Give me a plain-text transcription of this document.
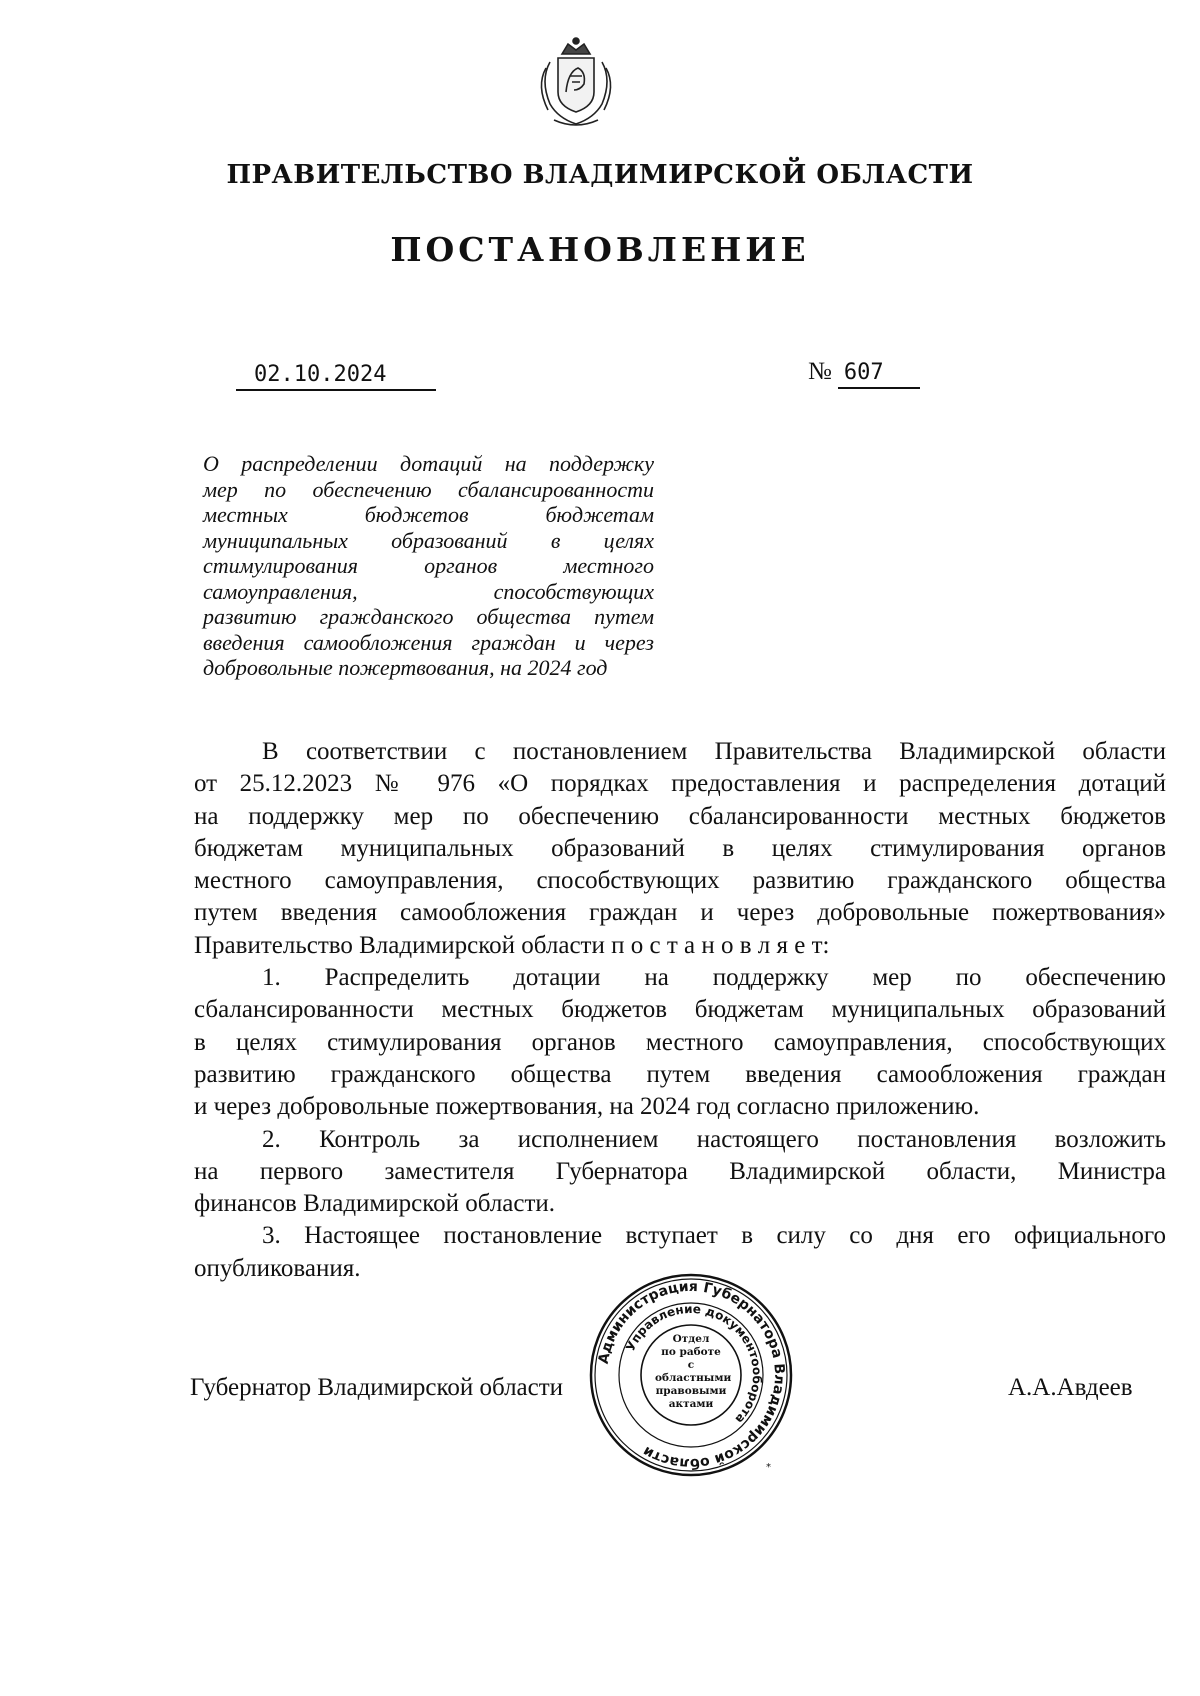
ПРАВИТЕЛЬСТВО ВЛАДИМИРСКОЙ ОБЛАСТИ
ПОСТАНОВЛЕНИЕ
02.10.2024	№ 607
О распределении дотаций на поддержку
мер по обеспечению сбалансированности
местных бюджетов бюджетам
муниципальных образований в целях
стимулирования органов местного
самоуправления, способствующих
развитию гражданского общества путем
введения самообложения граждан и через
добровольные пожертвования, на 2024 год
В соответствии с постановлением Правительства Владимирской области
от 25.12.2023 № 976 «О порядках предоставления и распределения дотаций
на поддержку мер по обеспечению сбалансированности местных бюджетов
бюджетам муниципальных образований в целях стимулирования органов
местного самоуправления, способствующих развитию гражданского общества
путем введения самообложения граждан и через добровольные пожертвования»
Правительство Владимирской области п о с т а н о в л я е т:
1. Распределить дотации на поддержку мер по обеспечению
сбалансированности местных бюджетов бюджетам муниципальных образований
в целях стимулирования органов местного самоуправления, способствующих
развитию гражданского общества путем введения самообложения граждан
и через добровольные пожертвования, на 2024 год согласно приложению.
2. Контроль за исполнением настоящего постановления возложить
на первого заместителя Губернатора Владимирской области, Министра
финансов Владимирской области.
3. Настоящее постановление вступает в силу со дня его официального
опубликования.
Губернатор Владимирской области	А.А.Авдеев
Администрация Губернатора Владимирской области
Управление документооборота
*
Отдел
по работе
с областными
правовыми
актами
